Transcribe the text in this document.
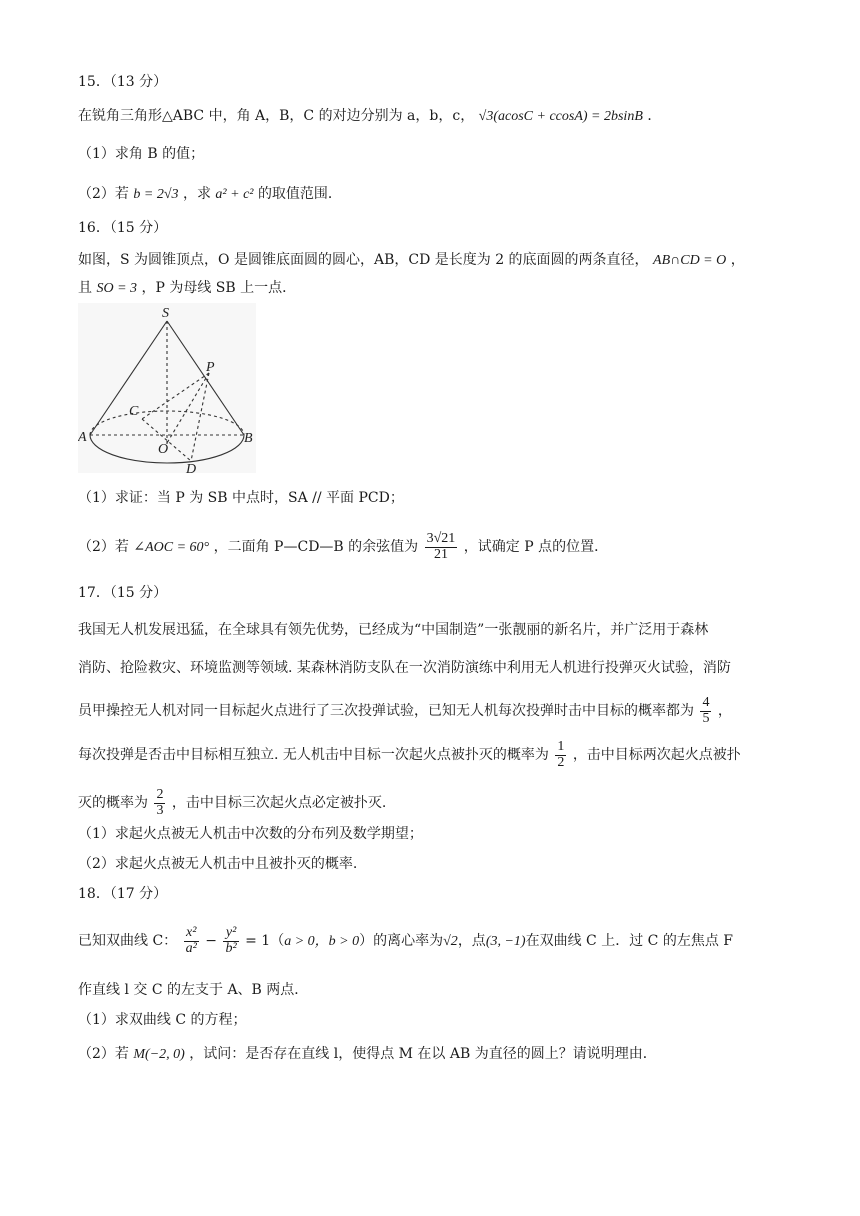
15．（13 分）
在锐角三角形△ABC 中，角 A，B，C 的对边分别为 a，b，c， √3(acosC + ccosA) = 2bsinB ．
（1）求角 B 的值；
（2）若 b = 2√3 ，求 a² + c² 的取值范围．
16．（15 分）
如图，S 为圆锥顶点，O 是圆锥底面圆的圆心，AB，CD 是长度为 2 的底面圆的两条直径， AB∩CD = O ，
且 SO = 3 ，P 为母线 SB 上一点．
S
P
C
A
O
B
D
（1）求证：当 P 为 SB 中点时，SA // 平面 PCD；
（2）若 ∠AOC = 60° ，二面角 P—CD—B 的余弦值为 $\frac{3√21}{21}$ ，试确定 P 点的位置．
17．（15 分）
我国无人机发展迅猛，在全球具有领先优势，已经成为“中国制造”一张靓丽的新名片，并广泛用于森林
消防、抢险救灾、环境监测等领域. 某森林消防支队在一次消防演练中利用无人机进行投弹灭火试验，消防
员甲操控无人机对同一目标起火点进行了三次投弹试验，已知无人机每次投弹时击中目标的概率都为 $\frac{4}{5}$ ，
每次投弹是否击中目标相互独立. 无人机击中目标一次起火点被扑灭的概率为 $\frac{1}{2}$ ，击中目标两次起火点被扑
灭的概率为 $\frac{2}{3}$ ，击中目标三次起火点必定被扑灭.
（1）求起火点被无人机击中次数的分布列及数学期望；
（2）求起火点被无人机击中且被扑灭的概率.
18．（17 分）
已知双曲线 C： $\frac{\text{x²}}{\text{a²}} - \frac{\text{y²}}{\text{b²}} = 1(a > 0$，b > 0）的离心率为√2，点(3, −1)在双曲线 C 上．过 C 的左焦点 F
作直线 l 交 C 的左支于 A、B 两点．
（1）求双曲线 C 的方程；
（2）若 M(−2, 0) ，试问：是否存在直线 l，使得点 M 在以 AB 为直径的圆上？请说明理由．
